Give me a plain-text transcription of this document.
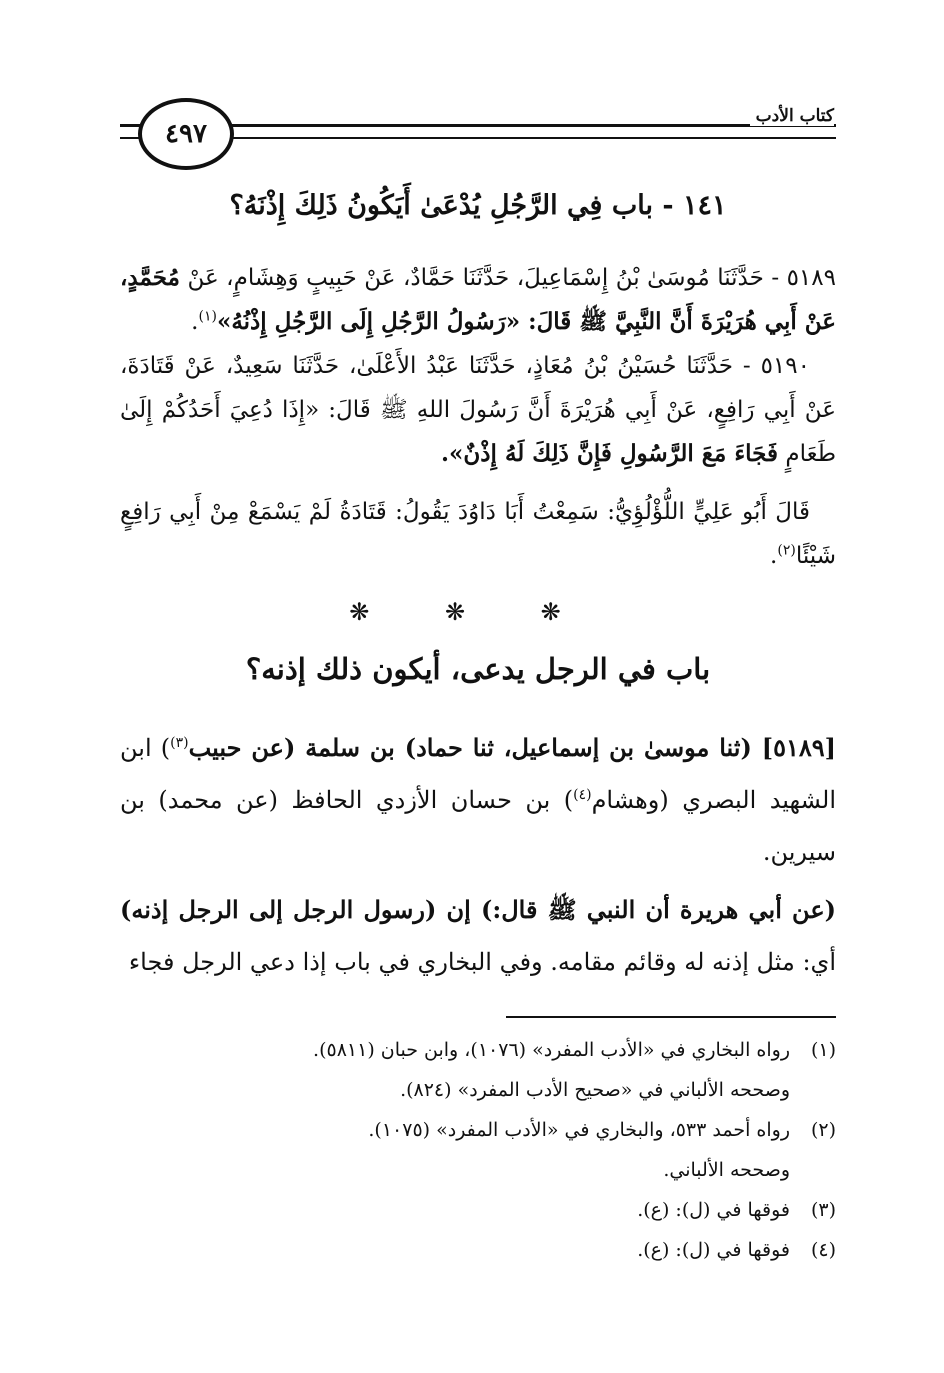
كتاب الأدب
٤٩٧
١٤١ - باب فِي الرَّجُلِ يُدْعَىٰ أَيَكُونُ ذَلِكَ إِذْنَهُ؟

٥١٨٩ - حَدَّثَنَا مُوسَىٰ بْنُ إِسْمَاعِيلَ، حَدَّثَنَا حَمَّادٌ، عَنْ حَبِيبٍ وَهِشَامٍ، عَنْ مُحَمَّدٍ، عَنْ أَبِي هُرَيْرَةَ أَنَّ النَّبِيَّ ﷺ قَالَ: «رَسُولُ الرَّجُلِ إِلَى الرَّجُلِ إِذْنُهُ»$^{(١)}$.

٥١٩٠ - حَدَّثَنَا حُسَيْنُ بْنُ مُعَاذٍ، حَدَّثَنَا عَبْدُ الأَعْلَىٰ، حَدَّثَنَا سَعِيدٌ، عَنْ قَتَادَةَ، عَنْ أَبِي رَافِعٍ، عَنْ أَبِي هُرَيْرَةَ أَنَّ رَسُولَ اللهِ ﷺ قَالَ: «إِذَا دُعِيَ أَحَدُكُمْ إِلَىٰ طَعَامٍ فَجَاءَ مَعَ الرَّسُولِ فَإِنَّ ذَلِكَ لَهُ إِذْنٌ».

قَالَ أَبُو عَلِيٍّ اللُّؤْلُؤِيُّ: سَمِعْتُ أَبَا دَاوُدَ يَقُولُ: قَتَادَةُ لَمْ يَسْمَعْ مِنْ أَبِي رَافِعٍ شَيْئًا$^{(٢)}$.

❋ ❋ ❋
باب في الرجل يدعى، أيكون ذلك إذنه؟

[٥١٨٩] (ثنا موسىٰ بن إسماعيل، ثنا حماد) بن سلمة (عن حبيب$^{(٣)}$) ابن الشهيد البصري (وهشام$^{(٤)}$) بن حسان الأزدي الحافظ (عن محمد) بن سيرين.

(عن أبي هريرة أن النبي ﷺ قال:) إن (رسول الرجل إلى الرجل إذنه) أي: مثل إذنه له وقائم مقامه. وفي البخاري في باب إذا دعي الرجل فجاء

(١)رواه البخاري في «الأدب المفرد» (١٠٧٦)، وابن حبان (٥٨١١).

وصححه الألباني في «صحيح الأدب المفرد» (٨٢٤).

(٢)رواه أحمد ٥٣٣، والبخاري في «الأدب المفرد» (١٠٧٥).

وصححه الألباني.

(٣)فوقها في (ل): (ع).

(٤)فوقها في (ل): (ع).
